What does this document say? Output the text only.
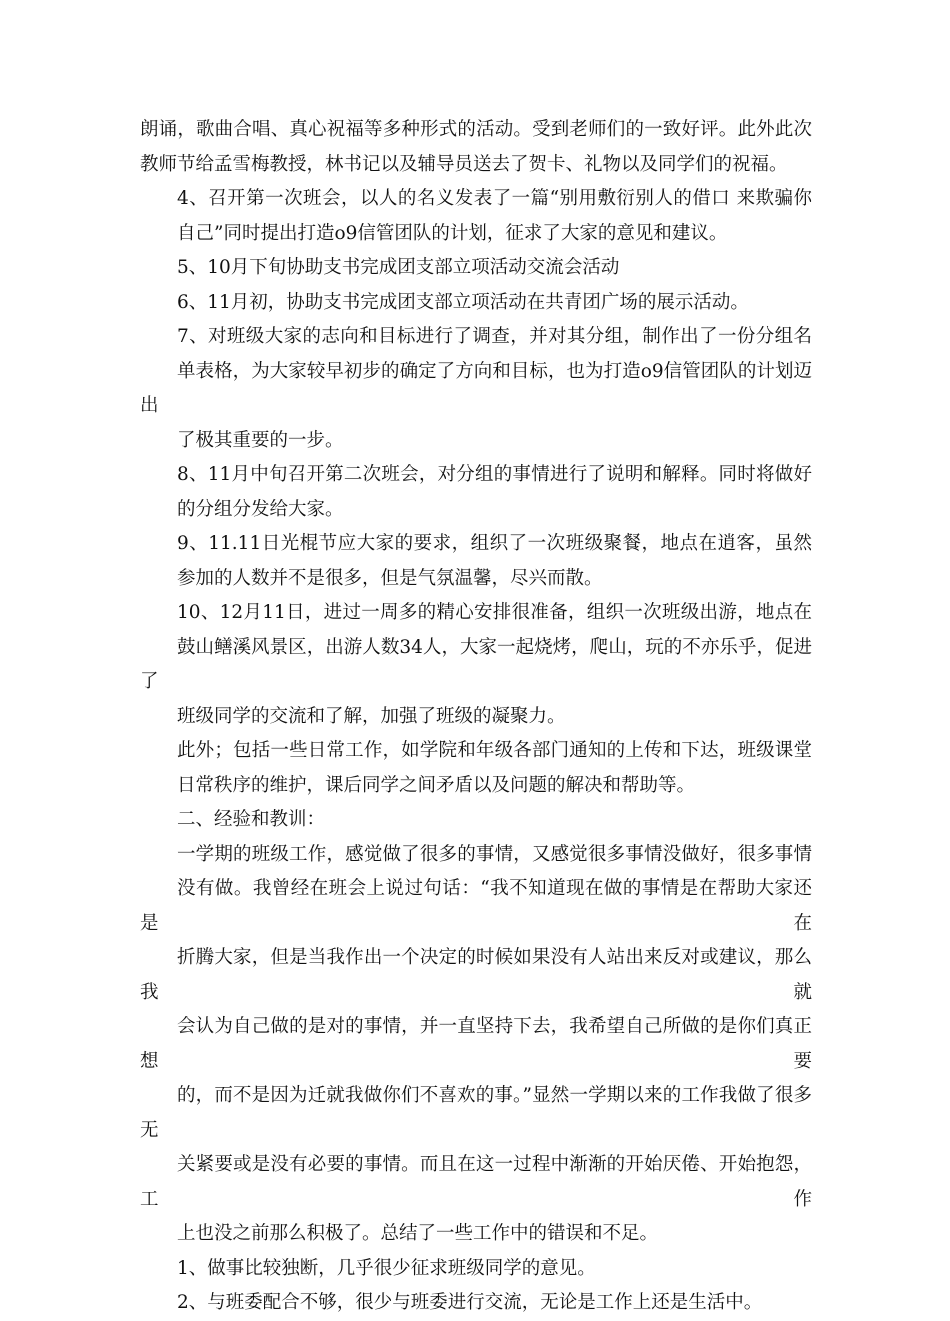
朗诵，歌曲合唱、真心祝福等多种形式的活动。受到老师们的一致好评。此外此次
教师节给孟雪梅教授，林书记以及辅导员送去了贺卡、礼物以及同学们的祝福。

4、召开第一次班会，以人的名义发表了一篇“别用敷衍别人的借口 来欺骗你
自己”同时提出打造o9信管团队的计划，征求了大家的意见和建议。

5、10月下旬协助支书完成团支部立项活动交流会活动

6、11月初，协助支书完成团支部立项活动在共青团广场的展示活动。

7、对班级大家的志向和目标进行了调查，并对其分组，制作出了一份分组名
单表格，为大家较早初步的确定了方向和目标，也为打造o9信管团队的计划迈出
了极其重要的一步。

8、11月中旬召开第二次班会，对分组的事情进行了说明和解释。同时将做好
的分组分发给大家。

9、11.11日光棍节应大家的要求，组织了一次班级聚餐，地点在逍客，虽然
参加的人数并不是很多，但是气氛温馨，尽兴而散。

10、12月11日，进过一周多的精心安排很准备，组织一次班级出游，地点在
鼓山鳝溪风景区，出游人数34人，大家一起烧烤，爬山，玩的不亦乐乎，促进了
班级同学的交流和了解，加强了班级的凝聚力。

此外；包括一些日常工作，如学院和年级各部门通知的上传和下达，班级课堂
日常秩序的维护，课后同学之间矛盾以及问题的解决和帮助等。

二、经验和教训：

一学期的班级工作，感觉做了很多的事情，又感觉很多事情没做好，很多事情
没有做。我曾经在班会上说过句话：“我不知道现在做的事情是在帮助大家还是在
折腾大家，但是当我作出一个决定的时候如果没有人站出来反对或建议，那么我就
会认为自己做的是对的事情，并一直坚持下去，我希望自己所做的是你们真正想要
的，而不是因为迁就我做你们不喜欢的事。”显然一学期以来的工作我做了很多无
关紧要或是没有必要的事情。而且在这一过程中渐渐的开始厌倦、开始抱怨，工作
上也没之前那么积极了。总结了一些工作中的错误和不足。

1、做事比较独断，几乎很少征求班级同学的意见。

2、与班委配合不够，很少与班委进行交流，无论是工作上还是生活中。
